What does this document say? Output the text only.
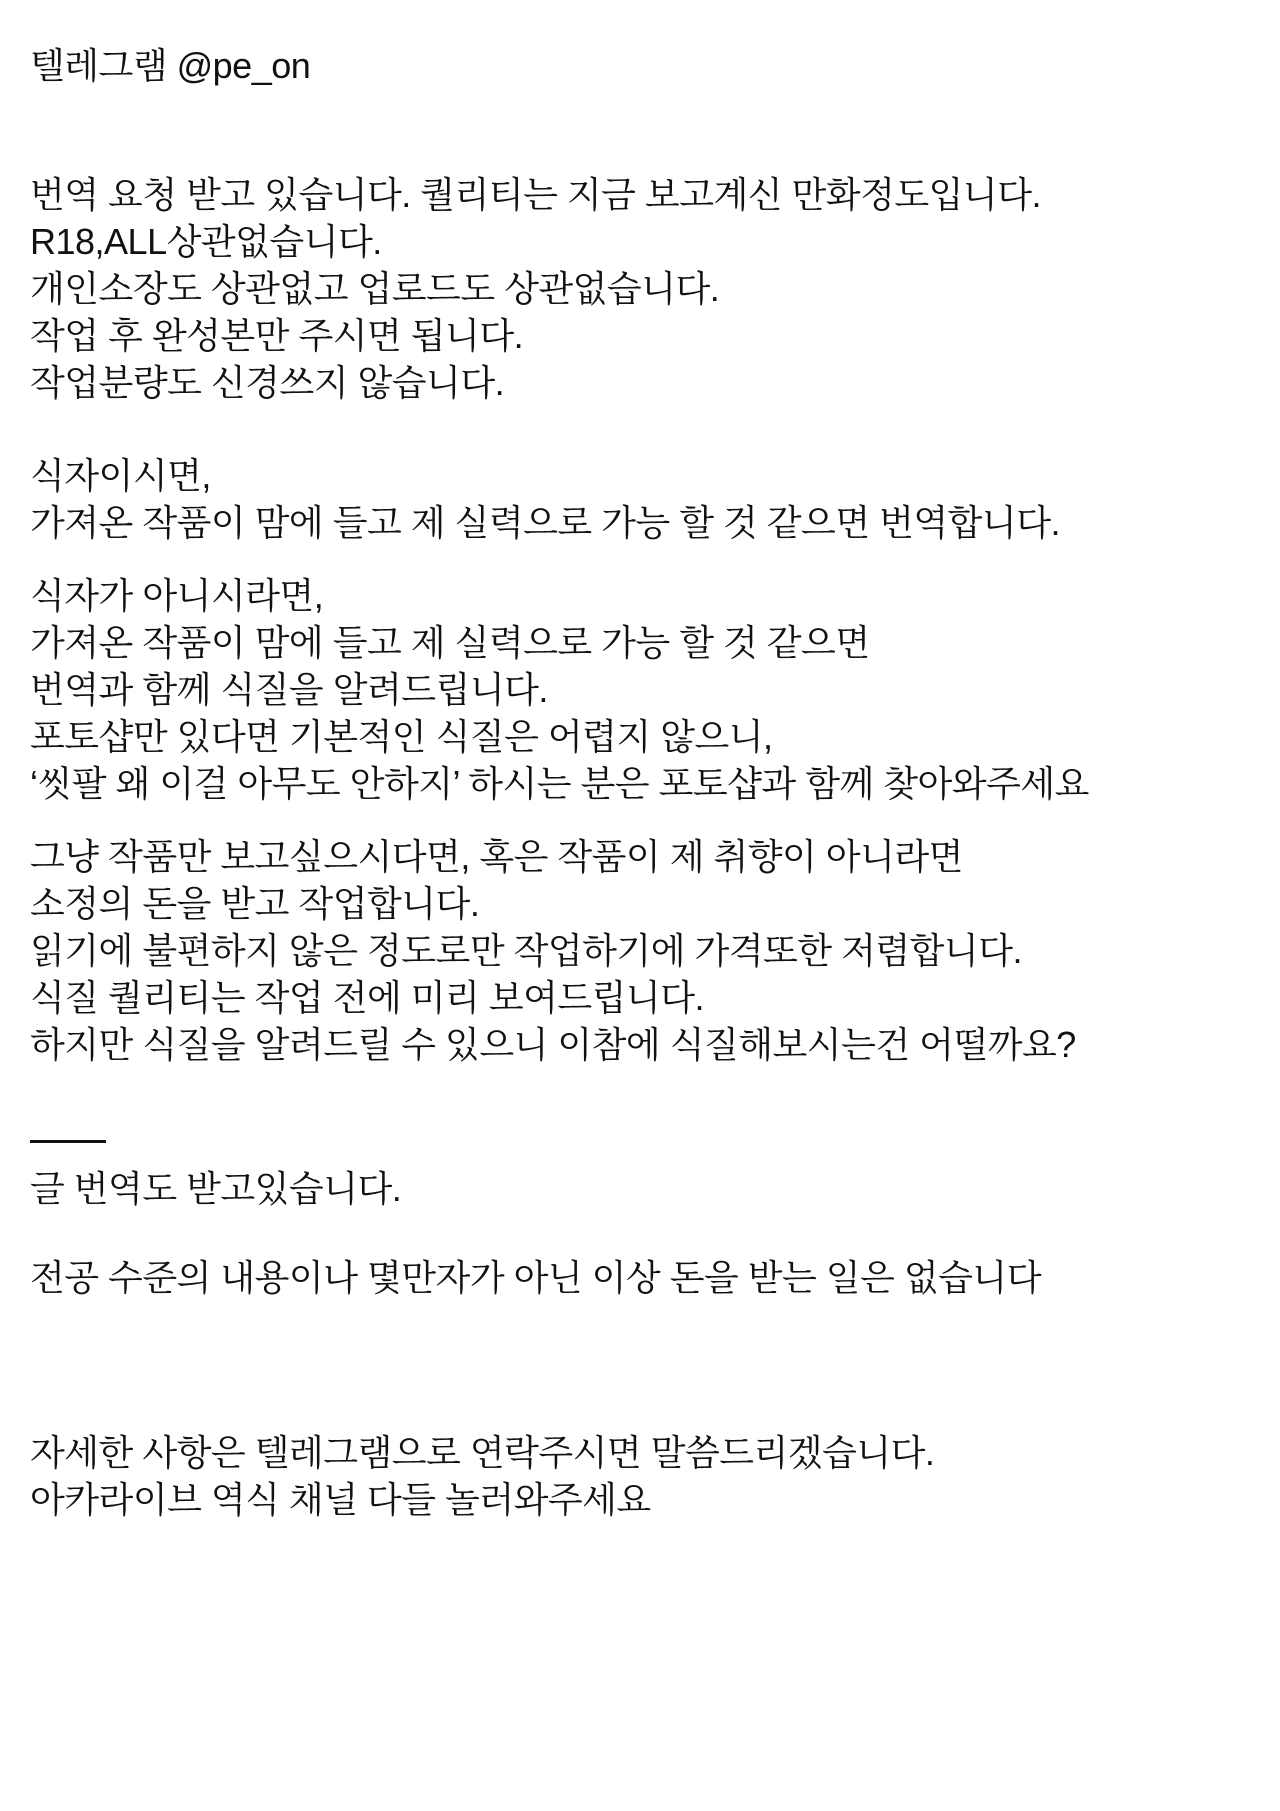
텔레그램 @pe_on
번역 요청 받고 있습니다. 퀄리티는 지금 보고계신 만화정도입니다.
R18,ALL상관없습니다.
개인소장도 상관없고 업로드도 상관없습니다.
작업 후 완성본만 주시면 됩니다.
작업분량도 신경쓰지 않습니다.
식자이시면,
가져온 작품이 맘에 들고 제 실력으로 가능 할 것 같으면 번역합니다.
식자가 아니시라면,
가져온 작품이 맘에 들고 제 실력으로 가능 할 것 같으면
번역과 함께 식질을 알려드립니다.
포토샵만 있다면 기본적인 식질은 어렵지 않으니,
‘씻팔 왜 이걸 아무도 안하지’ 하시는 분은 포토샵과 함께 찾아와주세요
그냥 작품만 보고싶으시다면, 혹은 작품이 제 취향이 아니라면
소정의 돈을 받고 작업합니다.
읽기에 불편하지 않은 정도로만 작업하기에 가격또한 저렴합니다.
식질 퀄리티는 작업 전에 미리 보여드립니다.
하지만 식질을 알려드릴 수 있으니 이참에 식질해보시는건 어떨까요?
글 번역도 받고있습니다.
전공 수준의 내용이나 몇만자가 아닌 이상 돈을 받는 일은 없습니다
자세한 사항은 텔레그램으로 연락주시면 말씀드리겠습니다.
아카라이브 역식 채널 다들 놀러와주세요
